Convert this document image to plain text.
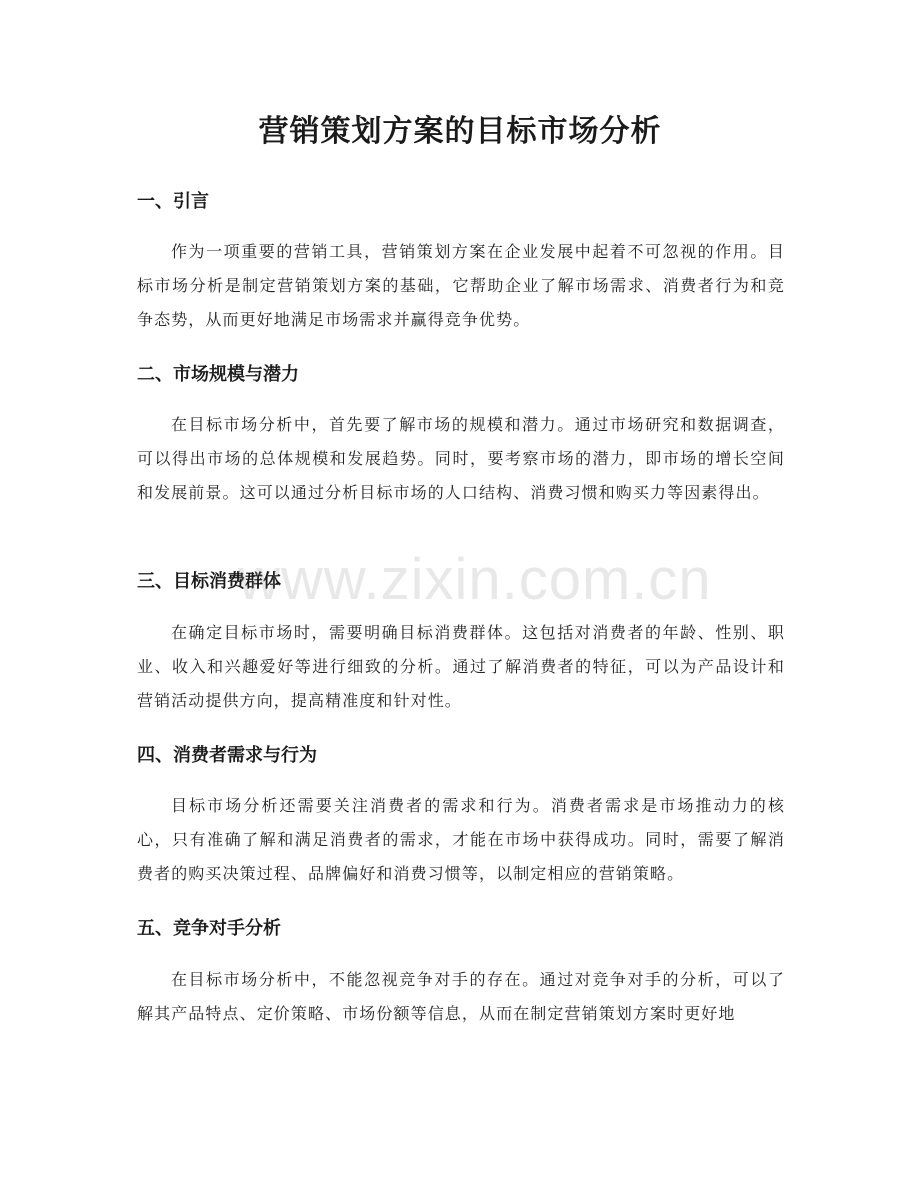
营销策划方案的目标市场分析
一、引言

作为一项重要的营销工具，营销策划方案在企业发展中起着不可忽视的作用。目标市场分析是制定营销策划方案的基础，它帮助企业了解市场需求、消费者行为和竞争态势，从而更好地满足市场需求并赢得竞争优势。

二、市场规模与潜力

在目标市场分析中，首先要了解市场的规模和潜力。通过市场研究和数据调查，可以得出市场的总体规模和发展趋势。同时，要考察市场的潜力，即市场的增长空间和发展前景。这可以通过分析目标市场的人口结构、消费习惯和购买力等因素得出。

三、目标消费群体

在确定目标市场时，需要明确目标消费群体。这包括对消费者的年龄、性别、职业、收入和兴趣爱好等进行细致的分析。通过了解消费者的特征，可以为产品设计和营销活动提供方向，提高精准度和针对性。

四、消费者需求与行为

目标市场分析还需要关注消费者的需求和行为。消费者需求是市场推动力的核心，只有准确了解和满足消费者的需求，才能在市场中获得成功。同时，需要了解消费者的购买决策过程、品牌偏好和消费习惯等，以制定相应的营销策略。

五、竞争对手分析

在目标市场分析中，不能忽视竞争对手的存在。通过对竞争对手的分析，可以了解其产品特点、定价策略、市场份额等信息，从而在制定营销策划方案时更好地

www.zixin.com.cn
